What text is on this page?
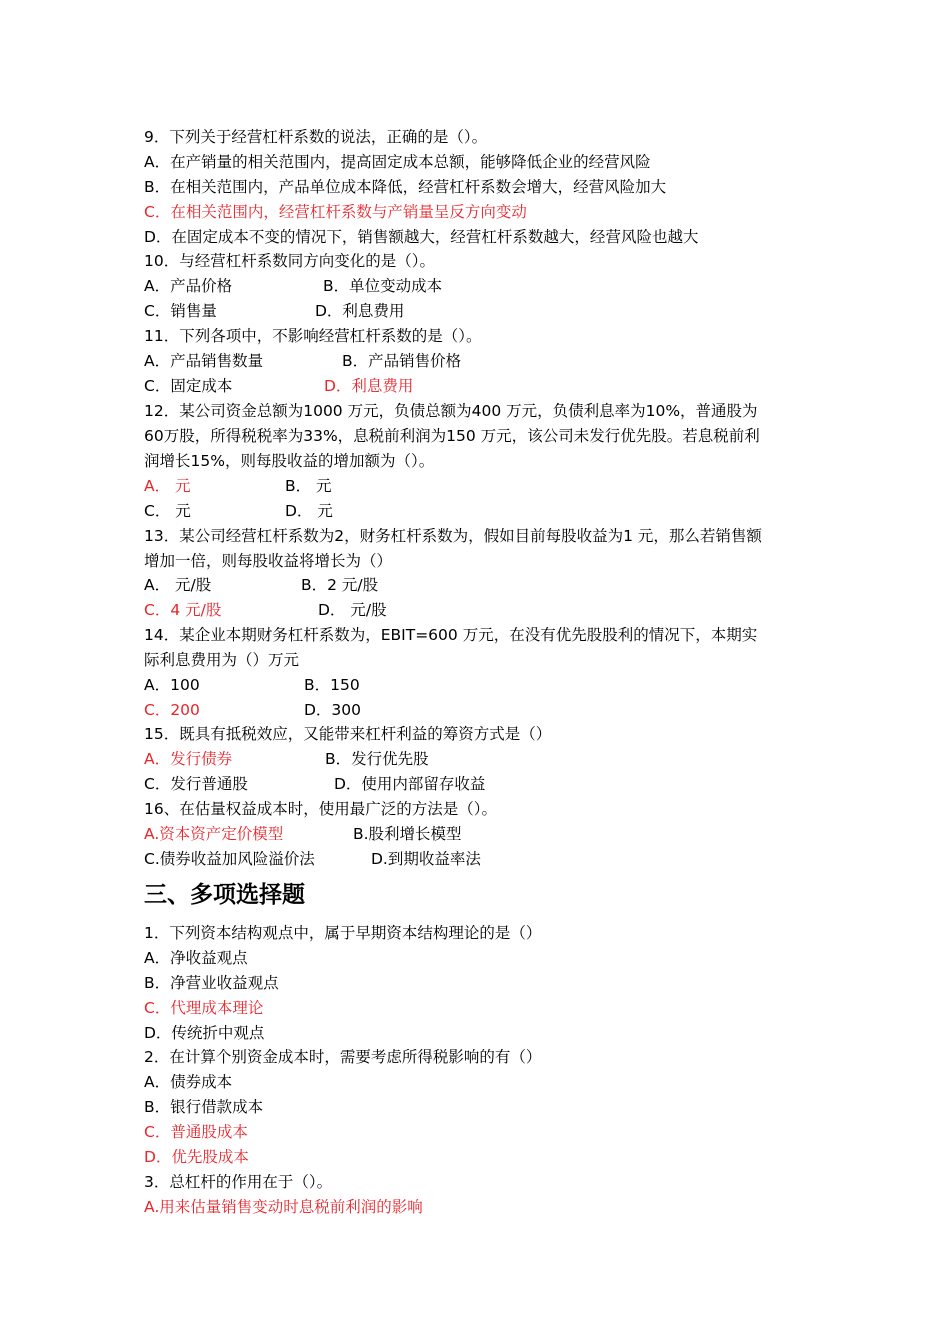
9．下列关于经营杠杆系数的说法，正确的是（）。
A．在产销量的相关范围内，提高固定成本总额，能够降低企业的经营风险
B．在相关范围内，产品单位成本降低，经营杠杆系数会增大，经营风险加大
C．在相关范围内，经营杠杆系数与产销量呈反方向变动
D．在固定成本不变的情况下，销售额越大，经营杠杆系数越大，经营风险也越大
10．与经营杠杆系数同方向变化的是（）。
A．产品价格	B．单位变动成本
C．销售量	D．利息费用
11．下列各项中，不影响经营杠杆系数的是（）。
A．产品销售数量	B．产品销售价格
C．固定成本	D．利息费用
12．某公司资金总额为1000 万元，负债总额为400 万元，负债利息率为10%，普通股为
60万股，所得税税率为33%，息税前利润为150 万元，该公司未发行优先股。若息税前利
润增长15%，则每股收益的增加额为（）。
A． 元	B． 元
C． 元	D． 元
13．某公司经营杠杆系数为2，财务杠杆系数为，假如目前每股收益为1 元，那么若销售额
增加一倍，则每股收益将增长为（）
A． 元/股	B．2 元/股
C．4 元/股	D． 元/股
14．某企业本期财务杠杆系数为，EBIT=600 万元，在没有优先股股利的情况下，本期实
际利息费用为（）万元
A．100	B．150
C．200	D．300
15．既具有抵税效应，又能带来杠杆利益的筹资方式是（）
A．发行债券	B．发行优先股
C．发行普通股	D．使用内部留存收益
16、在估量权益成本时，使用最广泛的方法是（）。
A.资本资产定价模型	B.股利增长模型
C.债券收益加风险溢价法	D.到期收益率法
三、多项选择题
1．下列资本结构观点中，属于早期资本结构理论的是（）
A．净收益观点
B．净营业收益观点
C．代理成本理论
D．传统折中观点
2．在计算个别资金成本时，需要考虑所得税影响的有（）
A．债券成本
B．银行借款成本
C．普通股成本
D．优先股成本
3．总杠杆的作用在于（）。
A.用来估量销售变动时息税前利润的影响
